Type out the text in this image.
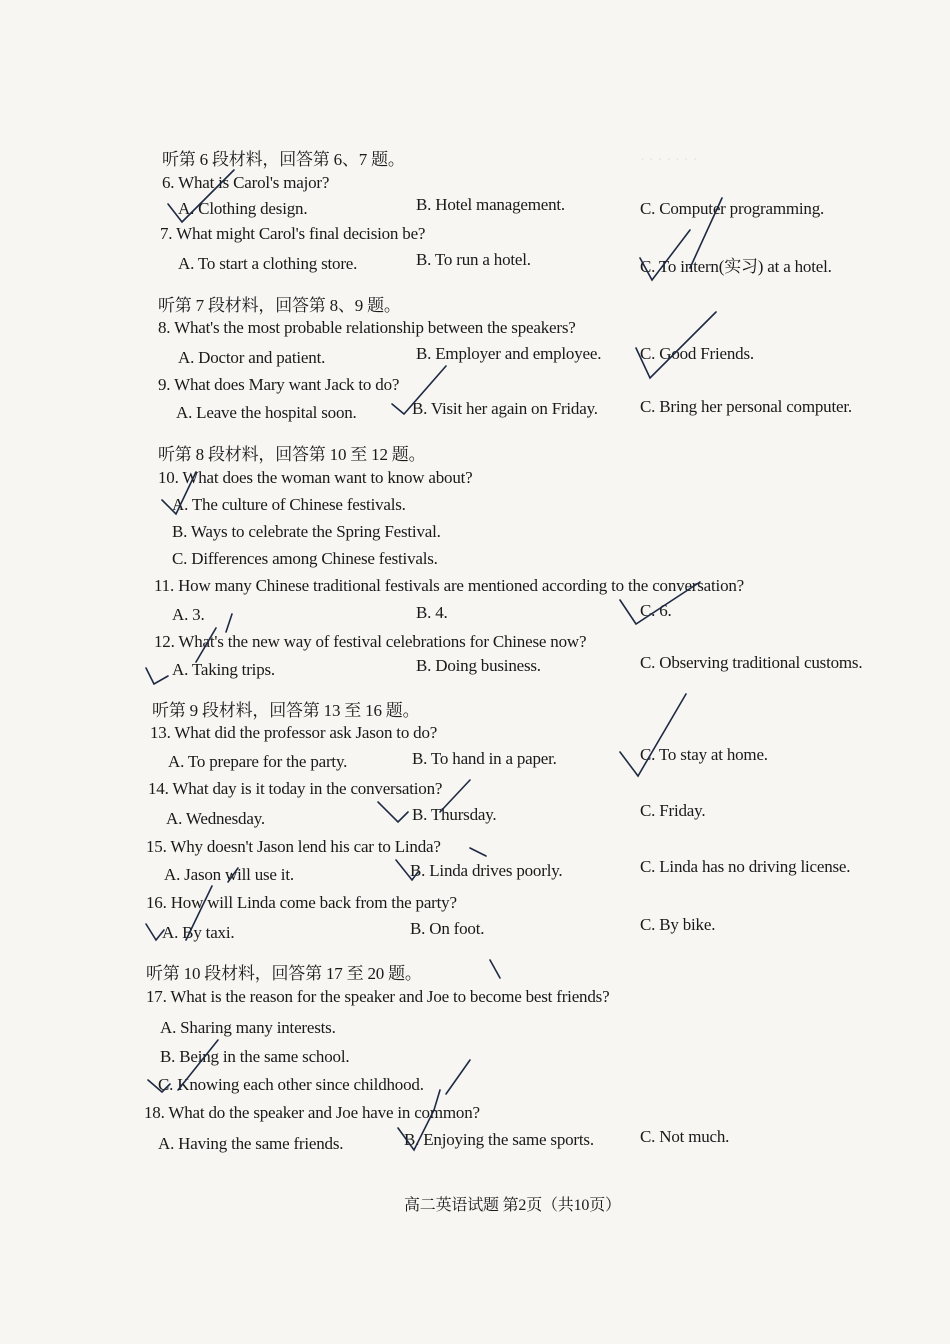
· · · · · · ·
听第 6 段材料，回答第 6、7 题。
6. What is Carol's major?
A. Clothing design.	B. Hotel management.	C. Computer programming.
7. What might Carol's final decision be?
A. To start a clothing store.	B. To run a hotel.	C. To intern(实习) at a hotel.
听第 7 段材料，回答第 8、9 题。
8. What's the most probable relationship between the speakers?
A. Doctor and patient.	B. Employer and employee. C. Good Friends.
9. What does Mary want Jack to do?
A. Leave the hospital soon.	B. Visit her again on Friday. C. Bring her personal computer.
听第 8 段材料，回答第 10 至 12 题。
10. What does the woman want to know about?
A. The culture of Chinese festivals.
B. Ways to celebrate the Spring Festival.
C. Differences among Chinese festivals.
11. How many Chinese traditional festivals are mentioned according to the conversation?
A. 3.	B. 4.	C. 6.
12. What's the new way of festival celebrations for Chinese now?
A. Taking trips.	B. Doing business.	C. Observing traditional customs.
听第 9 段材料，回答第 13 至 16 题。
13. What did the professor ask Jason to do?
A. To prepare for the party.	B. To hand in a paper.	C. To stay at home.
14. What day is it today in the conversation?
A. Wednesday.	B. Thursday.	C. Friday.
15. Why doesn't Jason lend his car to Linda?
A. Jason will use it.	B. Linda drives poorly.	C. Linda has no driving license.
16. How will Linda come back from the party?
A. By taxi.	B. On foot.	C. By bike.
听第 10 段材料，回答第 17 至 20 题。
17. What is the reason for the speaker and Joe to become best friends?
A. Sharing many interests.
B. Being in the same school.
C. Knowing each other since childhood.
18. What do the speaker and Joe have in common?
A. Having the same friends.	B. Enjoying the same sports.	C. Not much.
高二英语试题 第2页（共10页）
